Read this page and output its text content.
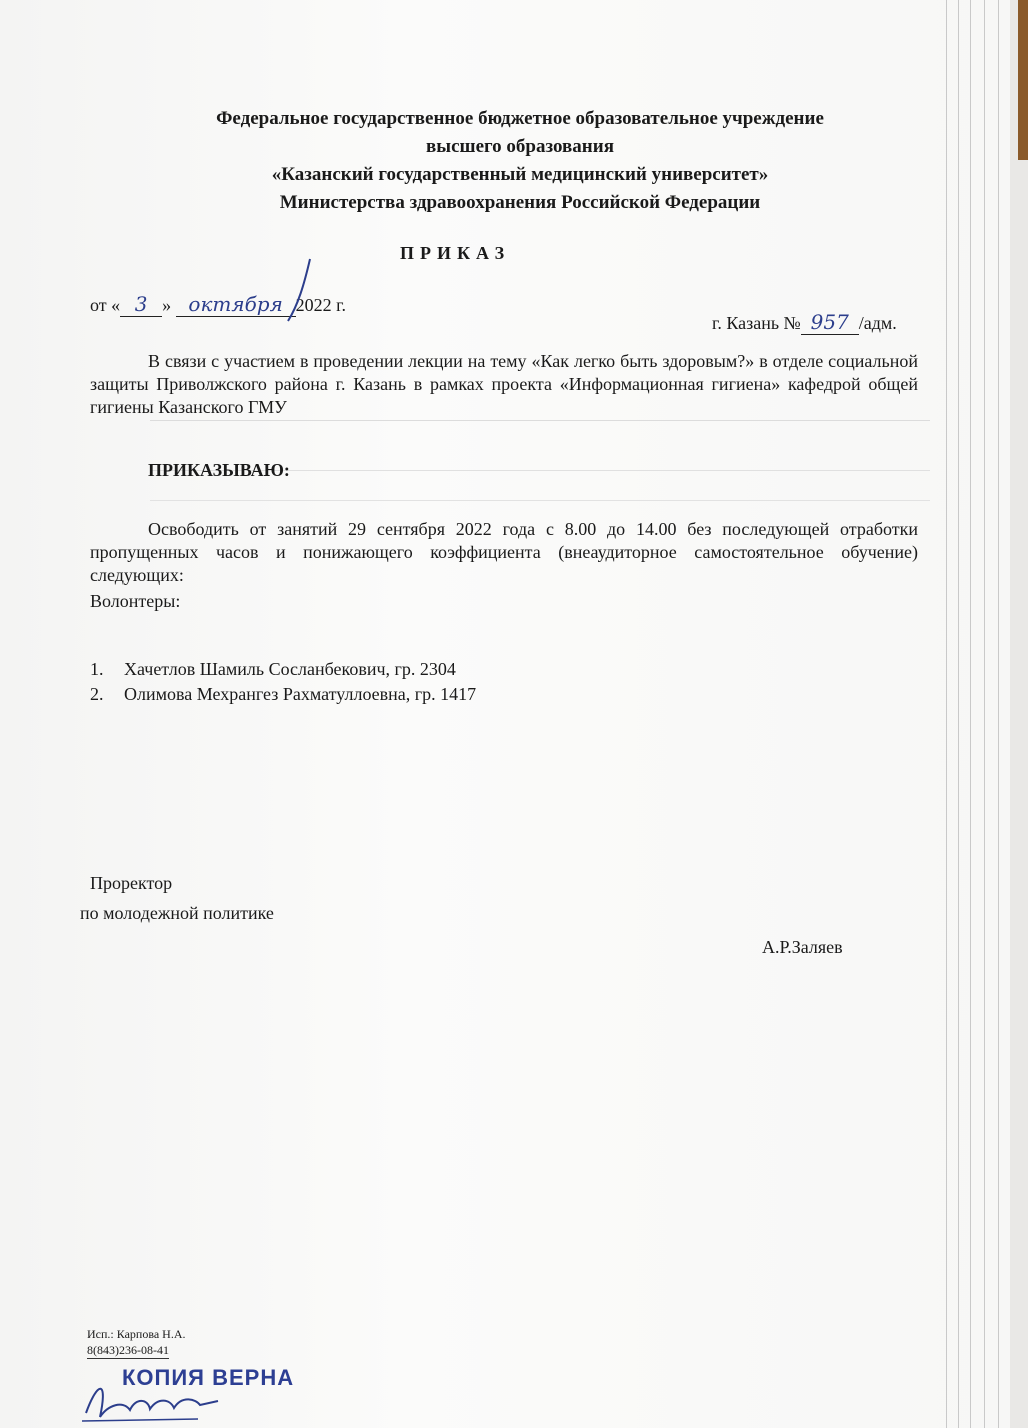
Федеральное государственное бюджетное образовательное учреждение
высшего образования
«Казанский государственный медицинский университет»
Министерства здравоохранения Российской Федерации
ПРИКАЗ
от « 3 » октября 2022 г.
г. Казань № 957 /адм.
В связи с участием в проведении лекции на тему «Как легко быть здоровым?» в отделе социальной защиты Приволжского района г. Казань в рамках проекта «Информационная гигиена» кафедрой общей гигиены Казанского ГМУ
ПРИКАЗЫВАЮ:
Освободить от занятий 29 сентября 2022 года с 8.00 до 14.00 без последующей отработки пропущенных часов и понижающего коэффициента (внеаудиторное самостоятельное обучение) следующих:
Волонтеры:
1. Хачетлов Шамиль Сосланбекович, гр. 2304
2. Олимова Мехрангез Рахматуллоевна, гр. 1417
Проректор
по молодежной политике
А.Р.Заляев
Исп.: Карпова Н.А.
8(843)236-08-41
КОПИЯ ВЕРНА
